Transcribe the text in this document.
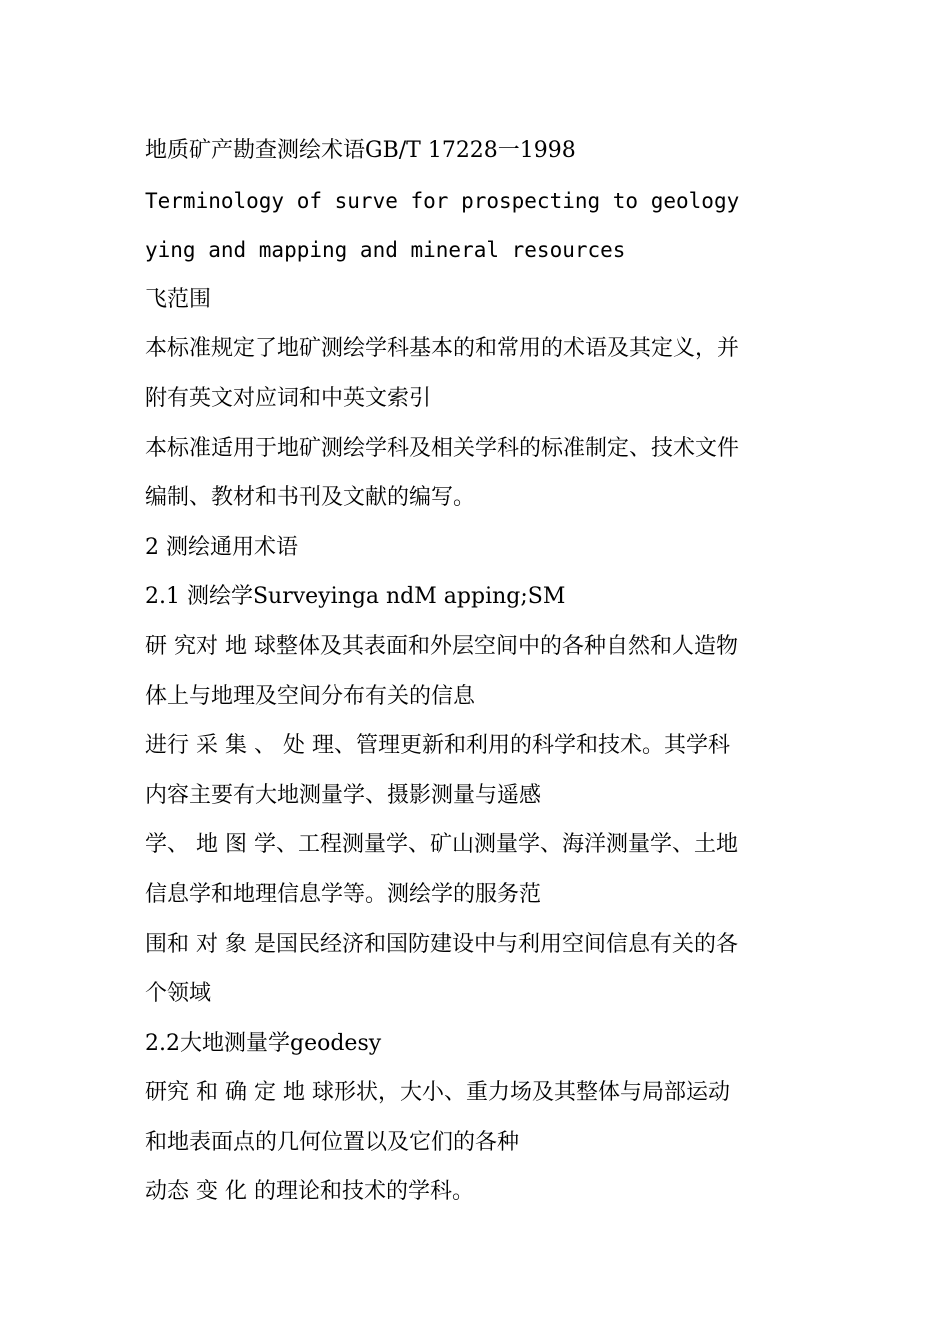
地质矿产勘查测绘术语GB/T 17228一1998
Terminology of surve for prospecting to geology
ying and mapping and mineral resources
飞范围
本标准规定了地矿测绘学科基本的和常用的术语及其定义，并
附有英文对应词和中英文索引
本标准适用于地矿测绘学科及相关学科的标准制定、技术文件
编制、教材和书刊及文献的编写。
2 测绘通用术语
2.1 测绘学Surveyinga ndM apping;SM
研 究对 地 球整体及其表面和外层空间中的各种自然和人造物
体上与地理及空间分布有关的信息
进行 采 集 、 处 理、管理更新和利用的科学和技术。其学科
内容主要有大地测量学、摄影测量与遥感
学、 地 图 学、工程测量学、矿山测量学、海洋测量学、土地
信息学和地理信息学等。测绘学的服务范
围和 对 象 是国民经济和国防建设中与利用空间信息有关的各
个领域
2.2大地测量学geodesy
研究 和 确 定 地 球形状，大小、重力场及其整体与局部运动
和地表面点的几何位置以及它们的各种
动态 变 化 的理论和技术的学科。
